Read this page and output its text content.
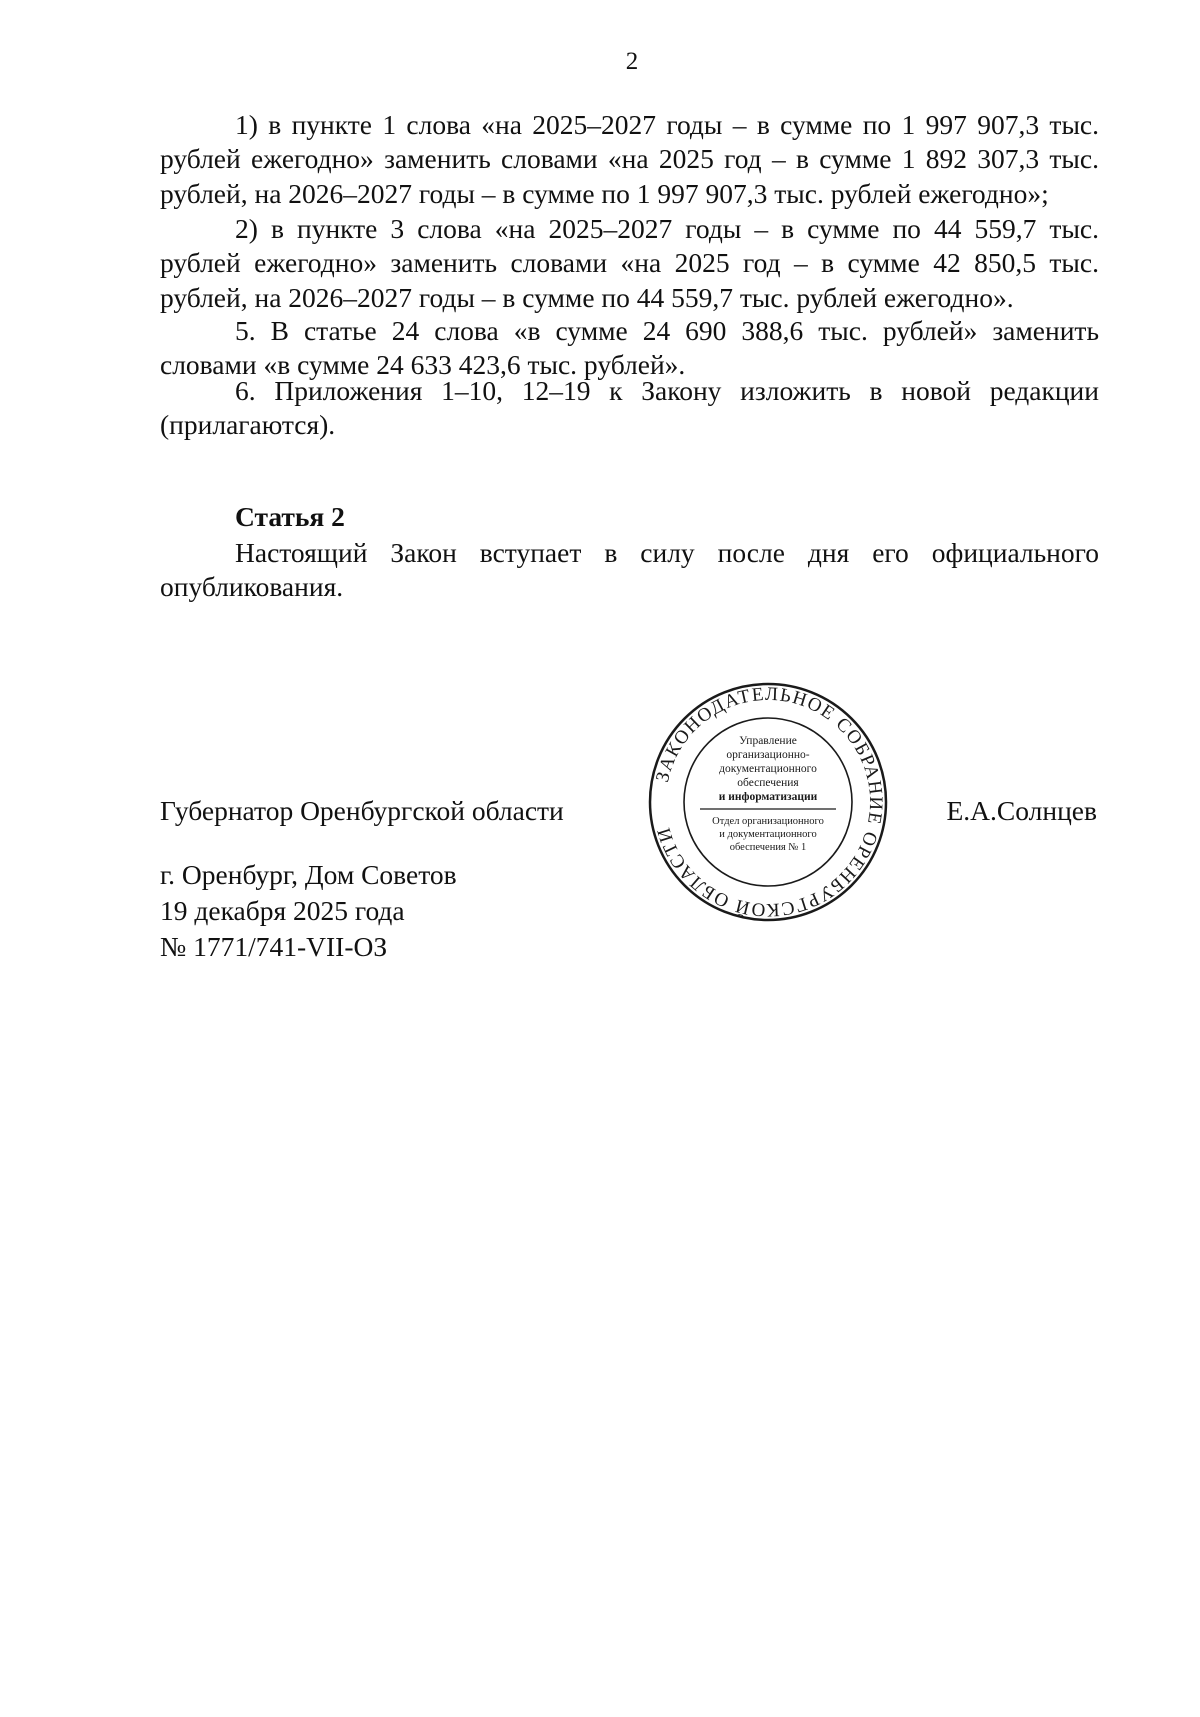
2

1) в пункте 1 слова «на 2025–2027 годы – в сумме по 1 997 907,3 тыс. рублей ежегодно» заменить словами «на 2025 год – в сумме 1 892 307,3 тыс. рублей, на 2026–2027 годы – в сумме по 1 997 907,3 тыс. рублей ежегодно»;

2) в пункте 3 слова «на 2025–2027 годы – в сумме по 44 559,7 тыс. рублей ежегодно» заменить словами «на 2025 год – в сумме 42 850,5 тыс. рублей, на 2026–2027 годы – в сумме по 44 559,7 тыс. рублей ежегодно».

5. В статье 24 слова «в сумме 24 690 388,6 тыс. рублей» заменить словами «в сумме 24 633 423,6 тыс. рублей».

6. Приложения 1–10, 12–19 к Закону изложить в новой редакции (прилагаются).

Статья 2

Настоящий Закон вступает в силу после дня его официального опубликования.

Губернатор Оренбургской области

ЗАКОНОДАТЕЛЬНОЕ СОБРАНИЕ ОРЕНБУРГСКОЙ ОБЛАСТИ
Управление
организационно-
документационного
обеспечения
и информатизации
Отдел организационного
и документационного
обеспечения № 1

Е.А.Солнцев

г. Оренбург, Дом Советов

19 декабря 2025 года

№ 1771/741-VII-ОЗ
